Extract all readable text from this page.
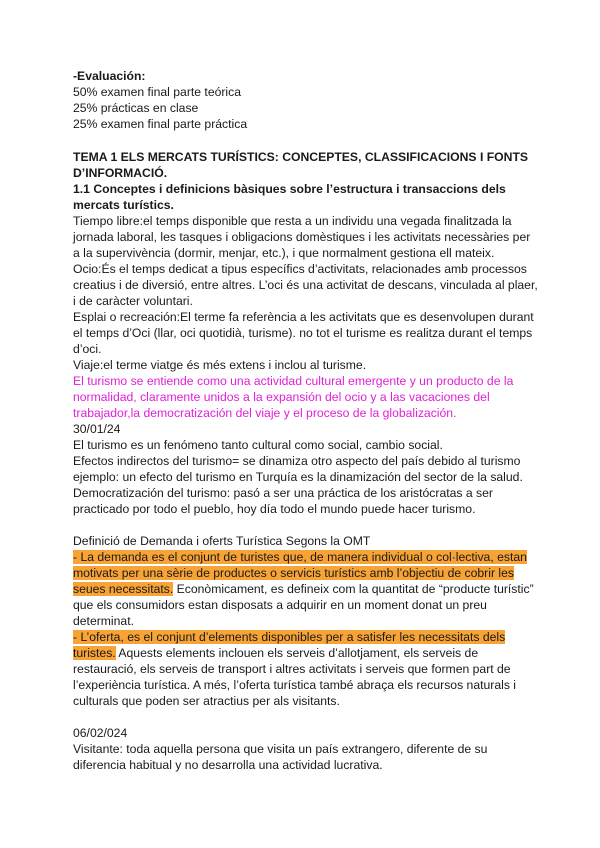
-Evaluación:

50% examen final parte teórica

25% prácticas en clase

25% examen final parte práctica

TEMA 1 ELS MERCATS TURÍSTICS: CONCEPTES, CLASSIFICACIONS I FONTS D’INFORMACIÓ.

1.1 Conceptes i definicions bàsiques sobre l’estructura i transaccions dels mercats turístics.

Tiempo libre:el temps disponible que resta a un individu una vegada finalitzada la jornada laboral, les tasques i obligacions domèstiques i les activitats necessàries per a la supervivència (dormir, menjar, etc.), i que normalment gestiona ell mateix.

Ocio:És el temps dedicat a tipus específics d’activitats, relacionades amb processos creatius i de diversió, entre altres. L’oci és una activitat de descans, vinculada al plaer, i de caràcter voluntari.

Esplai o recreación:El terme fa referència a les activitats que es desenvolupen durant el temps d’Oci (llar, oci quotidià, turisme). no tot el turisme es realitza durant el temps d’oci.

Viaje:el terme viatge és més extens i inclou al turisme.

El turismo se entiende como una actividad cultural emergente y un producto de la normalidad, claramente unidos a la expansión del ocio y a las vacaciones del trabajador,la democratización del viaje y el proceso de la globalización.

30/01/24

El turismo es un fenómeno tanto cultural como social, cambio social.

Efectos indirectos del turismo= se dinamiza otro aspecto del país debido al turismo ejemplo: un efecto del turismo en Turquía es la dinamización del sector de la salud.

Democratización del turismo: pasó a ser una práctica de los aristócratas a ser practicado por todo el pueblo, hoy día todo el mundo puede hacer turismo.

Definició de Demanda i oferts Turística Segons la OMT

- La demanda es el conjunt de turistes que, de manera individual o col·lectiva, estan motivats per una sèrie de productes o servicis turístics amb l’objectiu de cobrir les seues necessitats. Econòmicament, es defineix com la quantitat de “producte turístic” que els consumidors estan disposats a adquirir en un moment donat un preu determinat.

- L’oferta, es el conjunt d’elements disponibles per a satisfer les necessitats dels turistes. Aquests elements inclouen els serveis d’allotjament, els serveis de restauració, els serveis de transport i altres activitats i serveis que formen part de l’experiència turística. A més, l’oferta turística també abraça els recursos naturals i culturals que poden ser atractius per als visitants.

06/02/024

Visitante: toda aquella persona que visita un país extrangero, diferente de su diferencia habitual y no desarrolla una actividad lucrativa.
